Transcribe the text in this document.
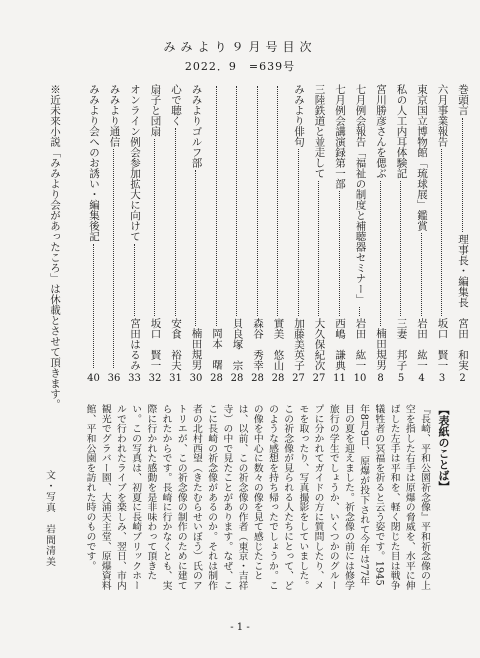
みみより９月号目次
2022．9　=639号
巻頭言
理事長・編集長　宮田　和実
2
六月事業報告
坂口　賢一
3
東京国立博物館「琉球展」鑑賞
岩田　紘一
4
私の人工内耳体験記
三妻　邦子
5
宮川勝彦さんを偲ぶ
楠田規男
8
七月例会報告「福祉の制度と補聴器セミナー」
岩田　紘一
10
七月例会講演録第一部
西嶋　謙典
11
三陸鉄道と並走して
大久保紀次
27
みみより俳句
加藤美英子
27
實美　悠山
28
森谷　秀幸
28
貝良塚　宗
28
岡本　曙
28
みみよりゴルフ部
楠田規男
30
心で聴く
安食　裕夫
31
扇子と団扇
坂口　賢一
32
オンライン例会参加拡大に向けて
宮田はるみ
33
みみより通信
36
みみより会へのお誘い・編集後記
40
※近未来小説「みみより会があったころ」は休載とさせて頂きます。
【表紙のことば】
『長崎、平和公園祈念像』平和祈念像の上空を指した右手は原爆の脅威を、水平に伸ばした左手は平和を、軽く閉じた目は戦争犠牲者の冥福を祈ると云う姿です。1945年8月9日、原爆が投下されて今年は77年目の夏を迎えました。祈念像の前には修学旅行の学生でしょうか、いくつかのグループに分かれてガイドの方に質問したり、メモを取ったり、写真撮影をしていました。この祈念像が見られる人たちにとって、どのような感想を持ち帰ったでしょうか。この像を中心に数々の像を見て感じたことは、以前、この祈念像の作者（東京・吉祥寺）の中で見たことがあります。なぜ、ここに長崎の祈念像があるのか。それは制作者の北村西望（きたむらせいぼう）氏のアトリエが、この祈念像の制作のために建てられたからです。長崎に行かなくとも、実際に行かれた感動を是非味わって頂きたい。この写真は、初夏に長崎ブリックホールで行われたライブを楽しみ、翌日、市内観光でグラバー園、大浦天主堂、原爆資料館、平和公園を訪れた時のものです。
文・写真　岩間清美
- 1 -
